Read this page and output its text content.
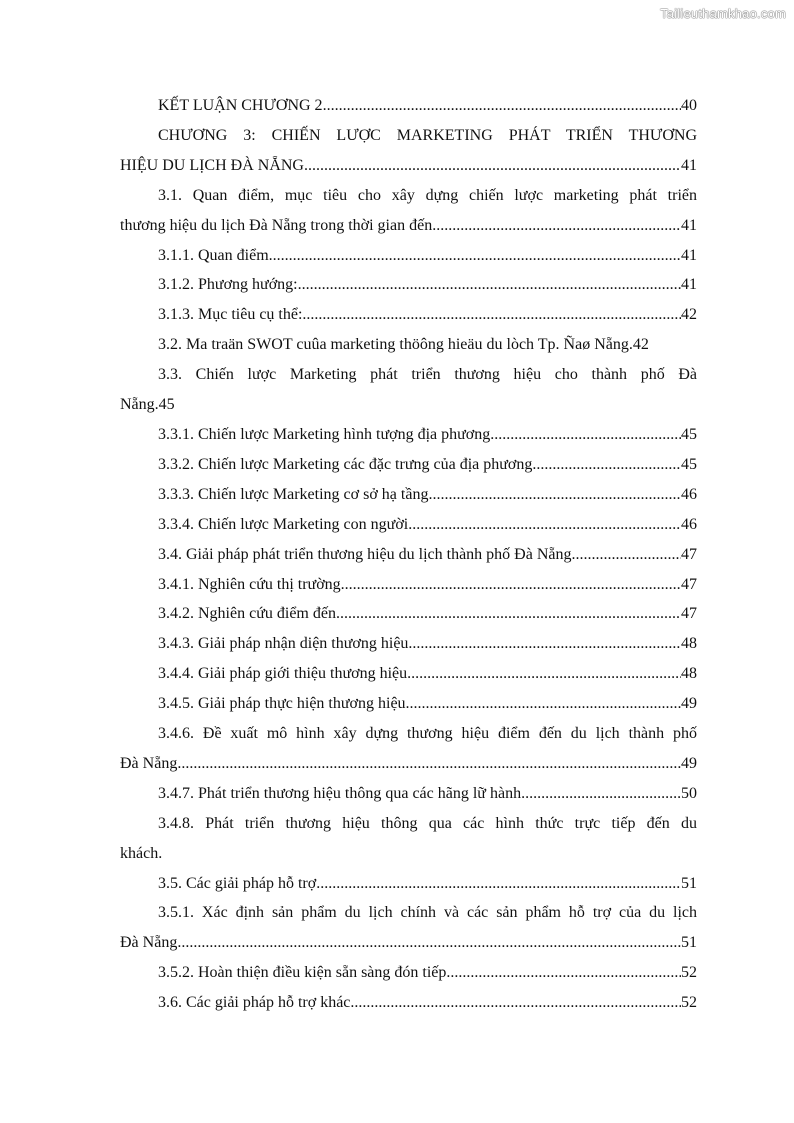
Tailieuthamkhao.com
KẾT LUẬN CHƯƠNG 2 .....	40
CHƯƠNG 3: CHIẾN LƯỢC MARKETING PHÁT TRIỂN THƯƠNG
HIỆU DU LỊCH ĐÀ NẴNG .....	41
3.1. Quan điểm, mục tiêu cho xây dựng chiến lược marketing phát triển
thương hiệu du lịch Đà Nẵng trong thời gian đến .....	41
3.1.1. Quan điểm .....	41
3.1.2. Phương hướng: .....	41
3.1.3. Mục tiêu cụ thể: .....	42
3.2. Ma traän SWOT cuûa marketing thöông hieäu du lòch Tp. Ñaø Nẵng.42
3.3. Chiến lược Marketing phát triển thương hiệu cho thành phố Đà
Nẵng.45
3.3.1. Chiến lược Marketing hình tượng địa phương .....	45
3.3.2. Chiến lược Marketing các đặc trưng của địa phương .....	45
3.3.3. Chiến lược Marketing cơ sở hạ tầng .....	46
3.3.4. Chiến lược Marketing con người .....	46
3.4. Giải pháp phát triển thương hiệu du lịch thành phố Đà Nẵng .....	47
3.4.1. Nghiên cứu thị trường .....	47
3.4.2. Nghiên cứu điểm đến .....	47
3.4.3. Giải pháp nhận diện thương hiệu .....	48
3.4.4. Giải pháp giới thiệu thương hiệu .....	48
3.4.5. Giải pháp thực hiện thương hiệu .....	49
3.4.6. Đề xuất mô hình xây dựng thương hiệu điểm đến du lịch thành phố
Đà Nẵng .....	49
3.4.7. Phát triển thương hiệu thông qua các hãng lữ hành .....	50
3.4.8. Phát triển thương hiệu thông qua các hình thức trực tiếp đến du
khách.
3.5. Các giải pháp hỗ trợ .....	51
3.5.1. Xác định sản phẩm du lịch chính và các sản phẩm hỗ trợ của du lịch
Đà Nẵng .....	51
3.5.2. Hoàn thiện điều kiện sẵn sàng đón tiếp .....	52
3.6. Các giải pháp hỗ trợ khác .....	52
